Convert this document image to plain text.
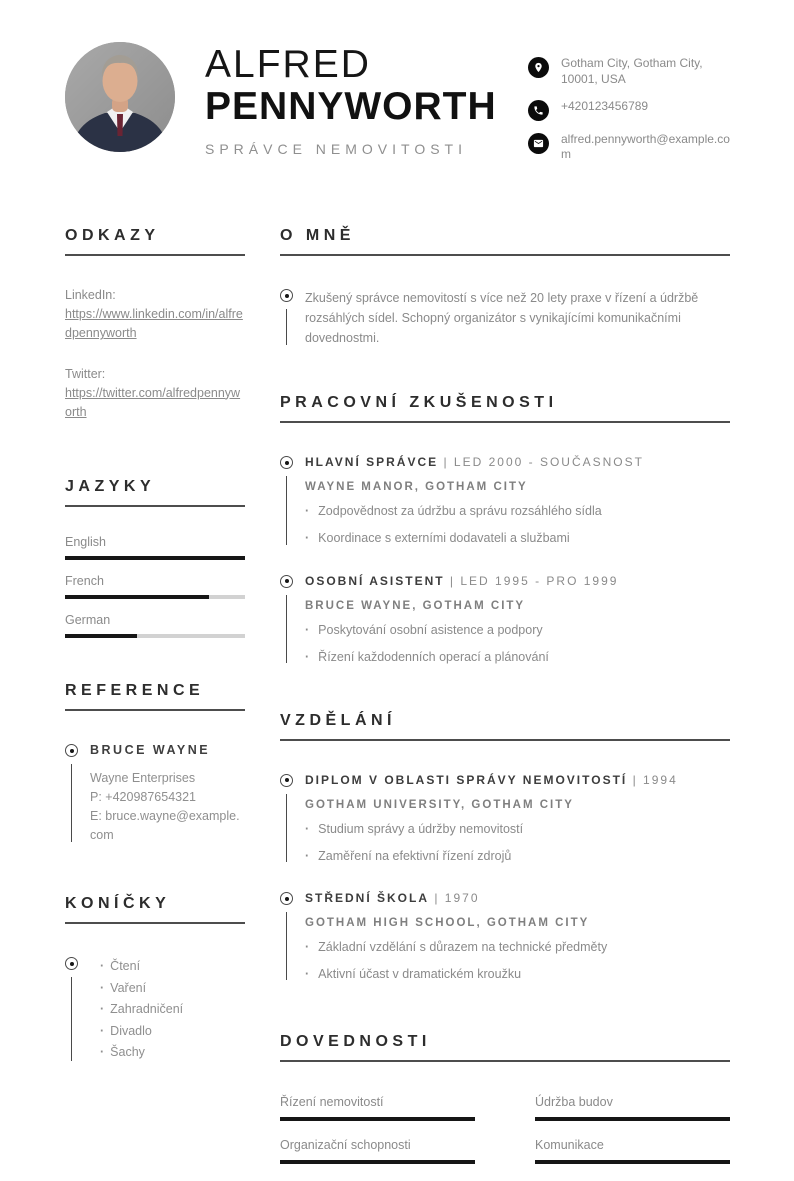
ALFRED
PENNYWORTH
SPRÁVCE NEMOVITOSTI
Gotham City, Gotham City, 10001, USA
+420123456789
alfred.pennyworth@example.com
ODKAZY
LinkedIn:
https://www.linkedin.com/in/alfredpennyworth
Twitter:
https://twitter.com/alfredpennyworth
JAZYKY
English
French
German
REFERENCE
BRUCE WAYNE
Wayne Enterprises
P: +420987654321
E: bruce.wayne@example.com
KONÍČKY
· Čtení
· Vaření
· Zahradničení
· Divadlo
· Šachy
O MNĚ
Zkušený správce nemovitostí s více než 20 lety praxe v řízení a údržbě rozsáhlých sídel. Schopný organizátor s vynikajícími komunikačními dovednostmi.
PRACOVNÍ ZKUŠENOSTI
HLAVNÍ SPRÁVCE | LED 2000 - SOUČASNOST
WAYNE MANOR, GOTHAM CITY
· Zodpovědnost za údržbu a správu rozsáhlého sídla
· Koordinace s externími dodavateli a službami
OSOBNÍ ASISTENT | LED 1995 - PRO 1999
BRUCE WAYNE, GOTHAM CITY
· Poskytování osobní asistence a podpory
· Řízení každodenních operací a plánování
VZDĚLÁNÍ
DIPLOM V OBLASTI SPRÁVY NEMOVITOSTÍ | 1994
GOTHAM UNIVERSITY, GOTHAM CITY
· Studium správy a údržby nemovitostí
· Zaměření na efektivní řízení zdrojů
STŘEDNÍ ŠKOLA | 1970
GOTHAM HIGH SCHOOL, GOTHAM CITY
· Základní vzdělání s důrazem na technické předměty
· Aktivní účast v dramatickém kroužku
DOVEDNOSTI
Řízení nemovitostí	Údržba budov
Organizační schopnosti	Komunikace
